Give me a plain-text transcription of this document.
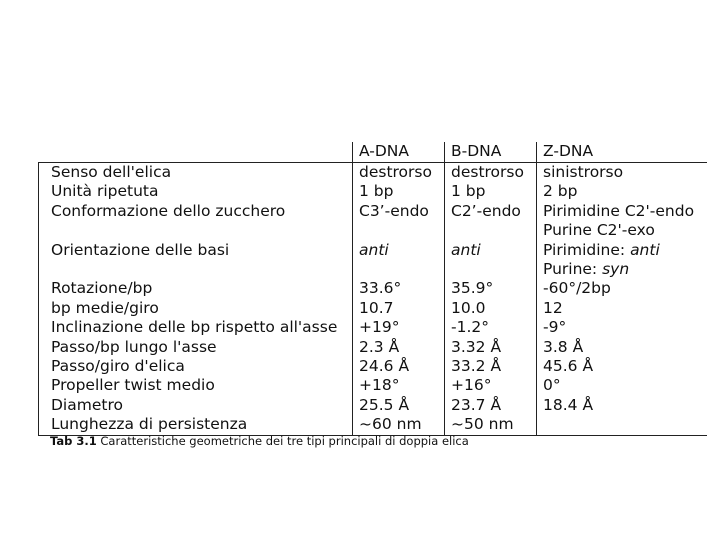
	A-DNA	B-DNA	Z-DNA
Senso dell'elica	destrorso	destrorso	sinistrorso

Unità ripetuta	1 bp	1 bp	2 bp

Conformazione dello zucchero	C3’-endo	C2’-endo	Pirimidine C2'-endo
Purine C2'-exo

Orientazione delle basi	anti	anti	Pirimidine: anti
Purine: syn

Rotazione/bp	33.6°	35.9°	-60°/2bp

bp medie/giro	10.7	10.0	12

Inclinazione delle bp rispetto all'asse	+19°	-1.2°	-9°

Passo/bp lungo l'asse	2.3 Å	3.32 Å	3.8 Å

Passo/giro d'elica	24.6 Å	33.2 Å	45.6 Å

Propeller twist medio	+18°	+16°	0°

Diametro	25.5 Å	23.7 Å	18.4 Å

Lunghezza di persistenza	~60 nm	~50 nm	
Tab 3.1 Caratteristiche geometriche dei tre tipi principali di doppia elica
